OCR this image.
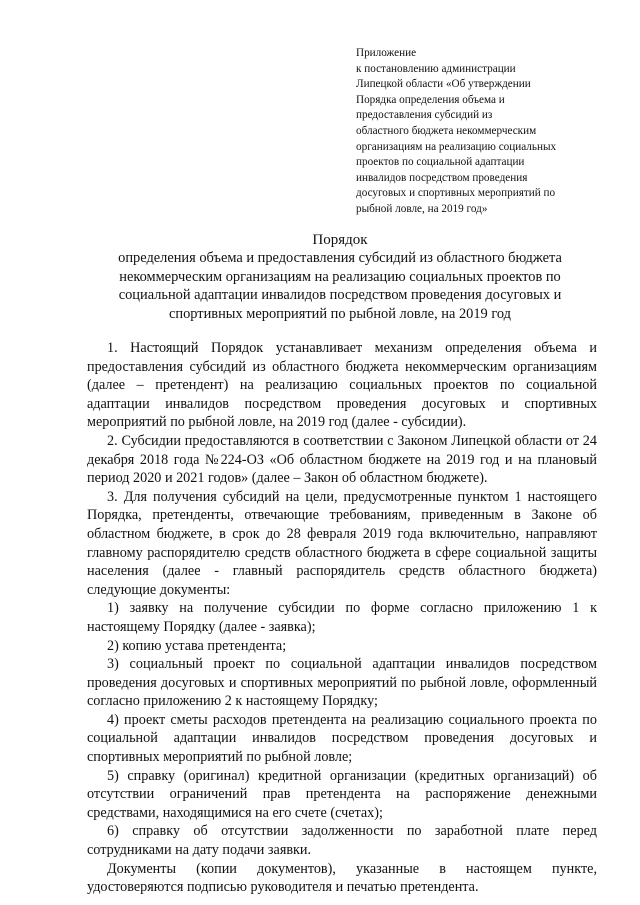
Приложение
к постановлению администрации
Липецкой области «Об утверждении
Порядка определения объема и
предоставления субсидий из
областного бюджета некоммерческим
организациям на реализацию социальных
проектов по социальной адаптации
инвалидов посредством проведения
досуговых и спортивных мероприятий по
рыбной ловле, на 2019 год»
Порядок
определения объема и предоставления субсидий из областного бюджета
некоммерческим организациям на реализацию социальных проектов по
социальной адаптации инвалидов посредством проведения досуговых и
спортивных мероприятий по рыбной ловле, на 2019 год

1. Настоящий Порядок устанавливает механизм определения объема и предоставления субсидий из областного бюджета некоммерческим организациям (далее – претендент) на реализацию социальных проектов по социальной адаптации инвалидов посредством проведения досуговых и спортивных мероприятий по рыбной ловле, на 2019 год (далее - субсидии).

2. Субсидии предоставляются в соответствии с Законом Липецкой области от 24 декабря 2018 года №224-ОЗ «Об областном бюджете на 2019 год и на плановый период 2020 и 2021 годов» (далее – Закон об областном бюджете).

3. Для получения субсидий на цели, предусмотренные пунктом 1 настоящего Порядка, претенденты, отвечающие требованиям, приведенным в Законе об областном бюджете, в срок до 28 февраля 2019 года включительно, направляют главному распорядителю средств областного бюджета в сфере социальной защиты населения (далее - главный распорядитель средств областного бюджета) следующие документы:

1) заявку на получение субсидии по форме согласно приложению 1 к настоящему Порядку (далее - заявка);

2) копию устава претендента;

3) социальный проект по социальной адаптации инвалидов посредством проведения досуговых и спортивных мероприятий по рыбной ловле, оформленный согласно приложению 2 к настоящему Порядку;

4) проект сметы расходов претендента на реализацию социального проекта по социальной адаптации инвалидов посредством проведения досуговых и спортивных мероприятий по рыбной ловле;

5) справку (оригинал) кредитной организации (кредитных организаций) об отсутствии ограничений прав претендента на распоряжение денежными средствами, находящимися на его счете (счетах);

6) справку об отсутствии задолженности по заработной плате перед сотрудниками на дату подачи заявки.

Документы (копии документов), указанные в настоящем пункте, удостоверяются подписью руководителя и печатью претендента.
